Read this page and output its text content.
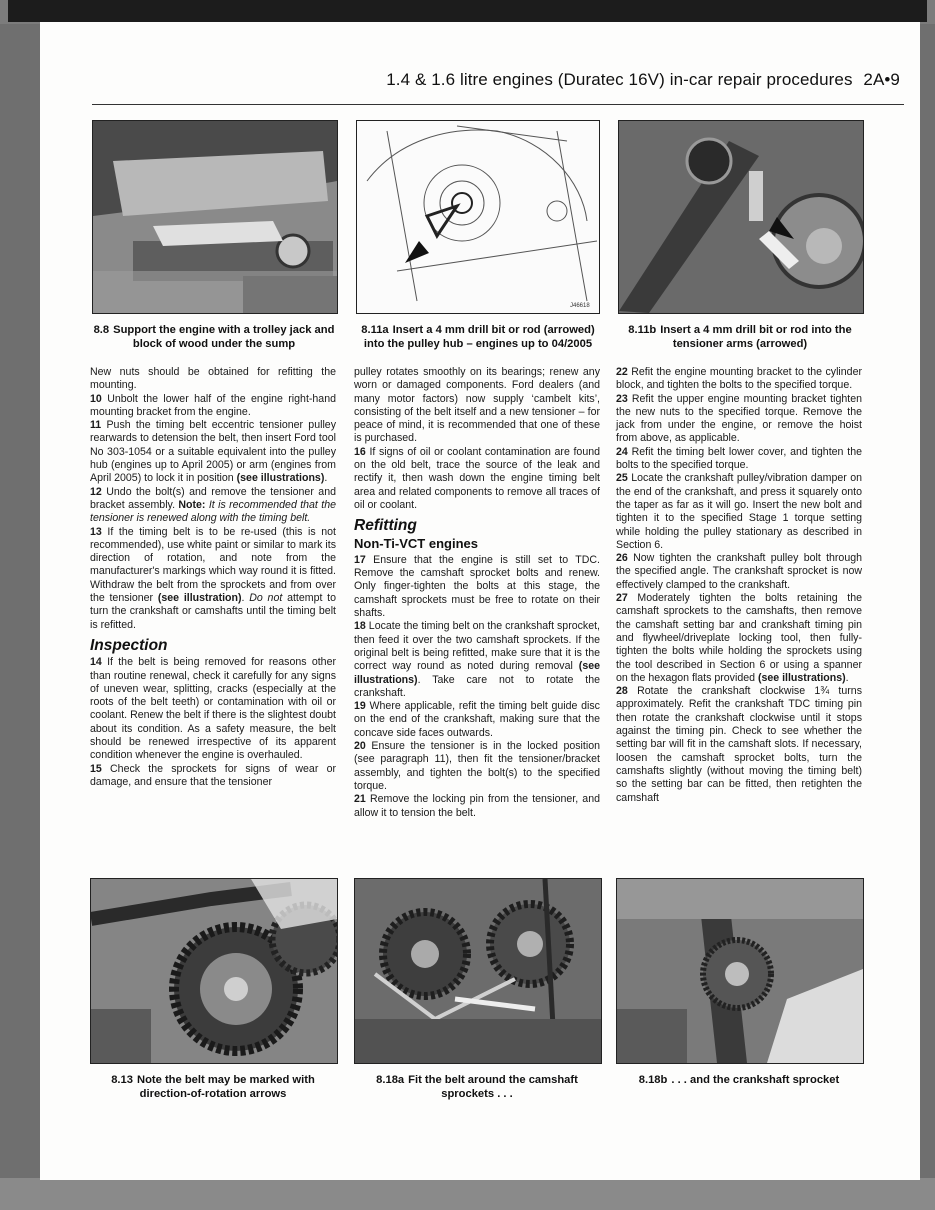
1.4 & 1.6 litre engines (Duratec 16V) in-car repair procedures 2A•9
8.8 Support the engine with a trolley jack and block of wood under the sump
J46618
8.11a Insert a 4 mm drill bit or rod (arrowed) into the pulley hub – engines up to 04/2005
8.11b Insert a 4 mm drill bit or rod into the tensioner arms (arrowed)

New nuts should be obtained for refitting the mounting.

10 Unbolt the lower half of the engine right-hand mounting bracket from the engine.

11 Push the timing belt eccentric tensioner pulley rearwards to detension the belt, then insert Ford tool No 303-1054 or a suitable equivalent into the pulley hub (engines up to April 2005) or arm (engines from April 2005) to lock it in position (see illustrations).

12 Undo the bolt(s) and remove the tensioner and bracket assembly. Note: It is recommended that the tensioner is renewed along with the timing belt.

13 If the timing belt is to be re-used (this is not recommended), use white paint or similar to mark its direction of rotation, and note from the manufacturer's markings which way round it is fitted. Withdraw the belt from the sprockets and from over the tensioner (see illustration). Do not attempt to turn the crankshaft or camshafts until the timing belt is refitted.

Inspection

14 If the belt is being removed for reasons other than routine renewal, check it carefully for any signs of uneven wear, splitting, cracks (especially at the roots of the belt teeth) or contamination with oil or coolant. Renew the belt if there is the slightest doubt about its condition. As a safety measure, the belt should be renewed irrespective of its apparent condition whenever the engine is overhauled.

15 Check the sprockets for signs of wear or damage, and ensure that the tensioner

pulley rotates smoothly on its bearings; renew any worn or damaged components. Ford dealers (and many motor factors) now supply ‘cambelt kits’, consisting of the belt itself and a new tensioner – for peace of mind, it is recommended that one of these is purchased.

16 If signs of oil or coolant contamination are found on the old belt, trace the source of the leak and rectify it, then wash down the engine timing belt area and related components to remove all traces of oil or coolant.

Refitting
Non-Ti-VCT engines

17 Ensure that the engine is still set to TDC. Remove the camshaft sprocket bolts and renew. Only finger-tighten the bolts at this stage, the camshaft sprockets must be free to rotate on their shafts.

18 Locate the timing belt on the crankshaft sprocket, then feed it over the two camshaft sprockets. If the original belt is being refitted, make sure that it is the correct way round as noted during removal (see illustrations). Take care not to rotate the crankshaft.

19 Where applicable, refit the timing belt guide disc on the end of the crankshaft, making sure that the concave side faces outwards.

20 Ensure the tensioner is in the locked position (see paragraph 11), then fit the tensioner/bracket assembly, and tighten the bolt(s) to the specified torque.

21 Remove the locking pin from the tensioner, and allow it to tension the belt.

22 Refit the engine mounting bracket to the cylinder block, and tighten the bolts to the specified torque.

23 Refit the upper engine mounting bracket tighten the new nuts to the specified torque. Remove the jack from under the engine, or remove the hoist from above, as applicable.

24 Refit the timing belt lower cover, and tighten the bolts to the specified torque.

25 Locate the crankshaft pulley/vibration damper on the end of the crankshaft, and press it squarely onto the taper as far as it will go. Insert the new bolt and tighten it to the specified Stage 1 torque setting while holding the pulley stationary as described in Section 6.

26 Now tighten the crankshaft pulley bolt through the specified angle. The crankshaft sprocket is now effectively clamped to the crankshaft.

27 Moderately tighten the bolts retaining the camshaft sprockets to the camshafts, then remove the camshaft setting bar and crankshaft timing pin and flywheel/driveplate locking tool, then fully-tighten the bolts while holding the sprockets using the tool described in Section 6 or using a spanner on the hexagon flats provided (see illustrations).

28 Rotate the crankshaft clockwise 1¾ turns approximately. Refit the crankshaft TDC timing pin then rotate the crankshaft clockwise until it stops against the timing pin. Check to see whether the setting bar will fit in the camshaft slots. If necessary, loosen the camshaft sprocket bolts, turn the camshafts slightly (without moving the timing belt) so the setting bar can be fitted, then retighten the camshaft

8.13 Note the belt may be marked with direction-of-rotation arrows
8.18a Fit the belt around the camshaft sprockets . . .
8.18b . . . and the crankshaft sprocket
